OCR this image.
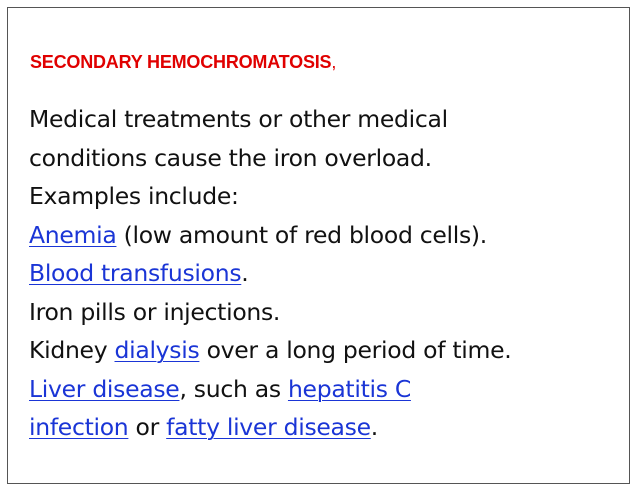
SECONDARY HEMOCHROMATOSIS,
Medical treatments or other medical
conditions cause the iron overload.
Examples include:
Anemia (low amount of red blood cells).
Blood transfusions.
Iron pills or injections.
Kidney dialysis over a long period of time.
Liver disease, such as hepatitis C
infection or fatty liver disease.
